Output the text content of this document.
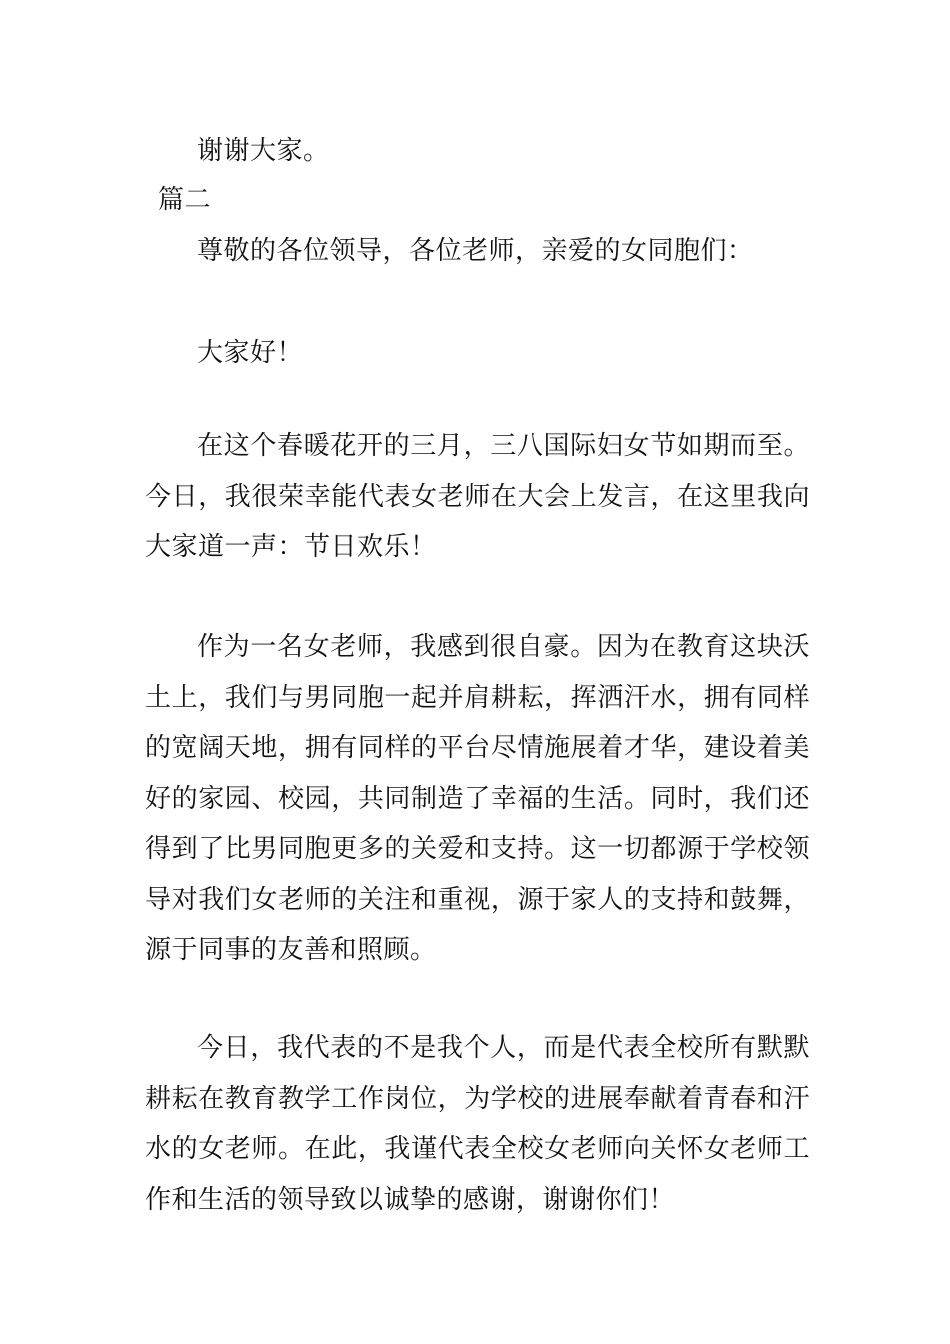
谢谢大家。

篇二

尊敬的各位领导，各位老师，亲爱的女同胞们：

大家好！

在这个春暖花开的三月，三八国际妇女节如期而至。今日，我很荣幸能代表女老师在大会上发言，在这里我向大家道一声：节日欢乐！

作为一名女老师，我感到很自豪。因为在教育这块沃土上，我们与男同胞一起并肩耕耘，挥洒汗水，拥有同样的宽阔天地，拥有同样的平台尽情施展着才华，建设着美好的家园、校园，共同制造了幸福的生活。同时，我们还得到了比男同胞更多的关爱和支持。这一切都源于学校领导对我们女老师的关注和重视，源于家人的支持和鼓舞，源于同事的友善和照顾。

今日，我代表的不是我个人，而是代表全校所有默默耕耘在教育教学工作岗位，为学校的进展奉献着青春和汗水的女老师。在此，我谨代表全校女老师向关怀女老师工作和生活的领导致以诚挚的感谢，谢谢你们！
